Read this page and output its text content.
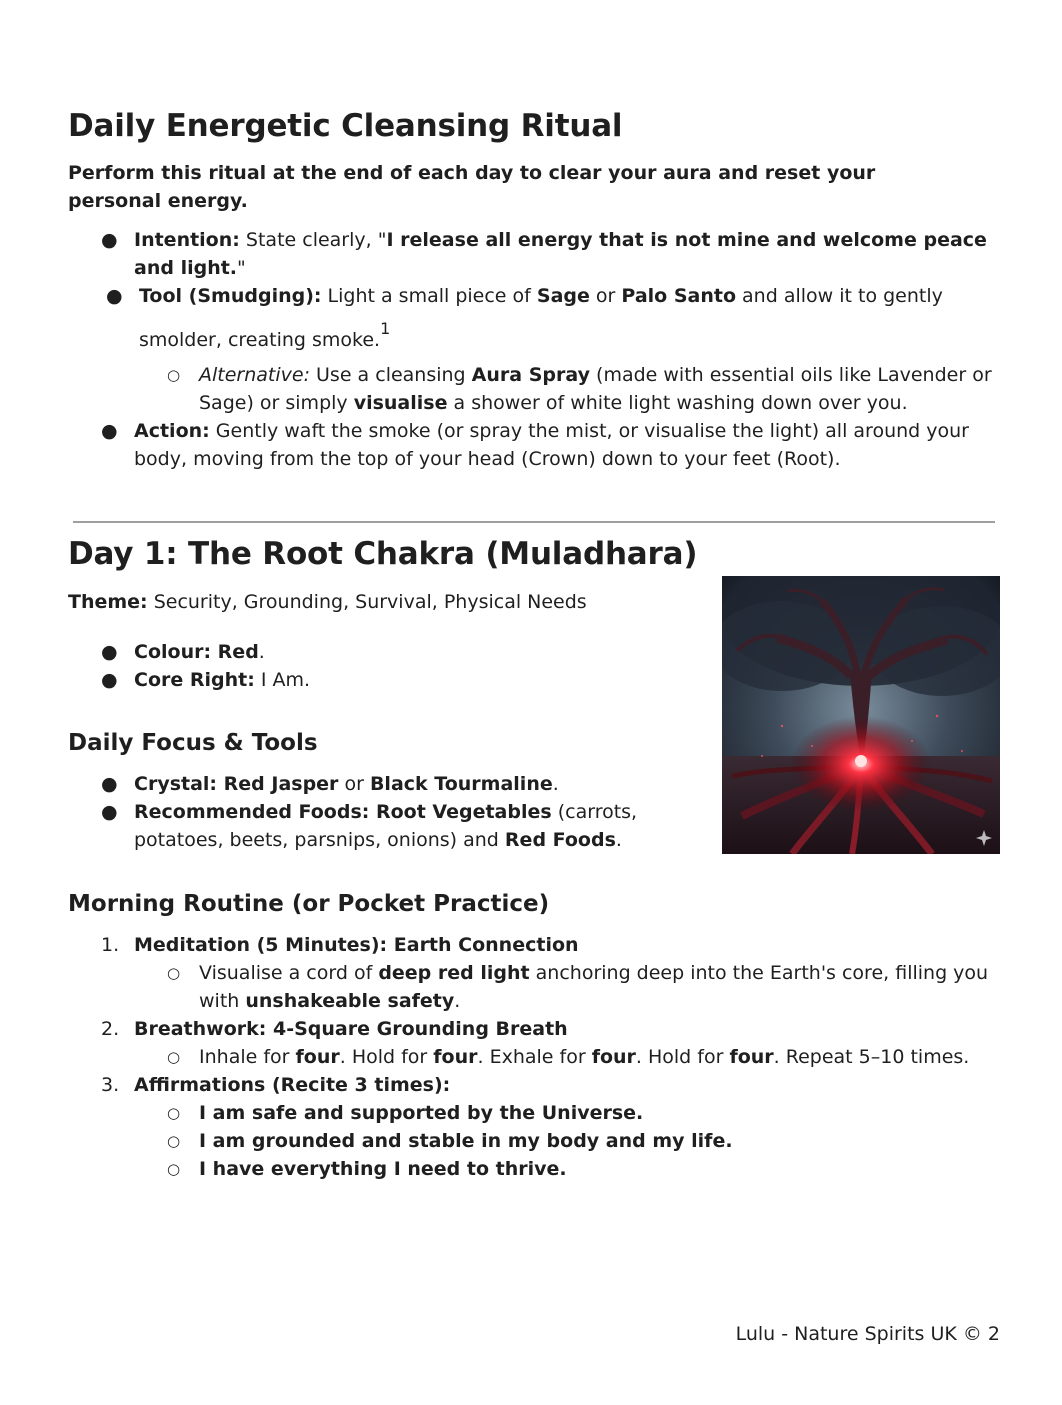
Daily Energetic Cleansing Ritual

Perform this ritual at the end of each day to clear your aura and reset your personal energy.

● Intention: State clearly, "I release all energy that is not mine and welcome peace and light."

● Tool (Smudging): Light a small piece of Sage or Palo Santo and allow it to gently

smolder, creating smoke.$^1$

○ Alternative: Use a cleansing Aura Spray (made with essential oils like Lavender or Sage) or simply visualise a shower of white light washing down over you.

● Action: Gently waft the smoke (or spray the mist, or visualise the light) all around your body, moving from the top of your head (Crown) down to your feet (Root).

Day 1: The Root Chakra (Muladhara)

Theme: Security, Grounding, Survival, Physical Needs

● Colour: Red.

● Core Right: I Am.

Daily Focus & Tools
● Crystal: Red Jasper or Black Tourmaline.

● Recommended Foods: Root Vegetables (carrots, potatoes, beets, parsnips, onions) and Red Foods.

Morning Routine (or Pocket Practice)
1. Meditation (5 Minutes): Earth Connection

○ Visualise a cord of deep red light anchoring deep into the Earth's core, filling you with unshakeable safety.

2. Breathwork: 4-Square Grounding Breath

○ Inhale for four. Hold for four. Exhale for four. Hold for four. Repeat 5–10 times.

3. Affirmations (Recite 3 times):

○ I am safe and supported by the Universe.

○ I am grounded and stable in my body and my life.

○ I have everything I need to thrive.

Lulu - Nature Spirits UK © 2
